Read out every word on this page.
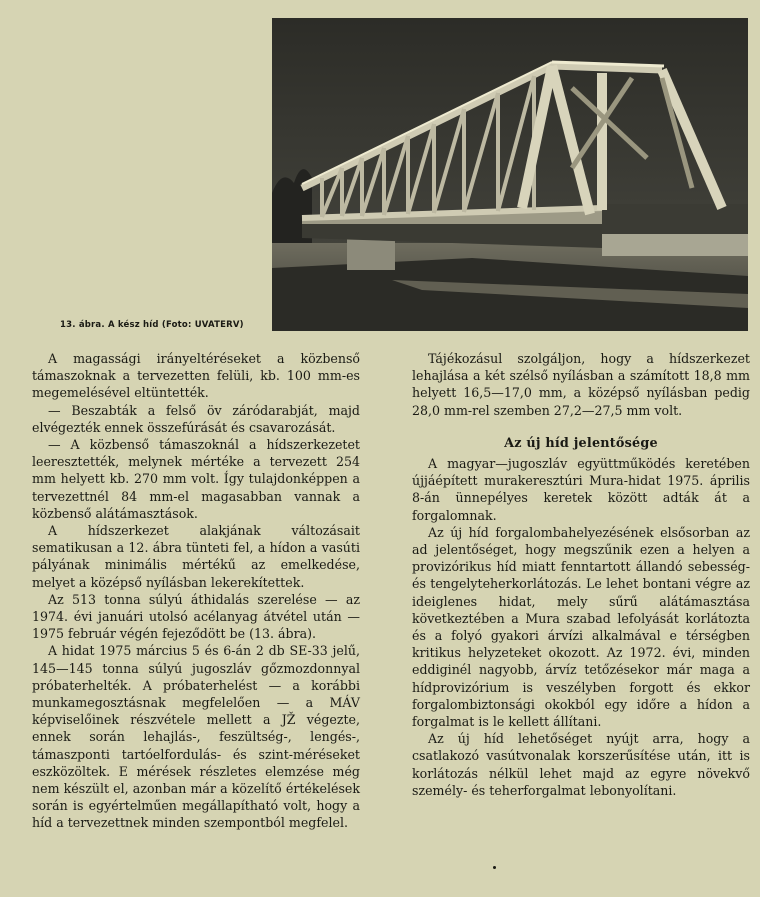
13. ábra. A kész híd (Foto: UVATERV)

A magassági irányeltéréseket a közbenső támaszoknak a tervezetten felüli, kb. 100 mm-es megemelésével eltüntették.

— Beszabták a felső öv záródarabját, majd elvégezték ennek összefúrását és csavarozását.

— A közbenső támaszoknál a hídszerkezetet leeresztették, melynek mértéke a tervezett 254 mm helyett kb. 270 mm volt. Így tulajdonképpen a tervezettnél 84 mm-el magasabban vannak a közbenső alátámasztások.

A hídszerkezet alakjának változásait sematikusan a 12. ábra tünteti fel, a hídon a vasúti pályának minimális mértékű az emelkedése, melyet a középső nyílásban lekerekítettek.

Az 513 tonna súlyú áthidalás szerelése — az 1974. évi januári utolsó acélanyag átvétel után — 1975 február végén fejeződött be (13. ábra).

A hidat 1975 március 5 és 6-án 2 db SE-33 jelű, 145—145 tonna súlyú jugoszláv gőzmozdonnyal próbaterhelték. A próbaterhelést — a korábbi munkamegosztásnak megfelelően — a MÁV képviselőinek részvétele mellett a JŽ végezte, ennek során lehajlás-, feszültség-, lengés-, támaszponti tartóelfordulás- és szint-méréseket eszközöltek. E mérések részletes elemzése még nem készült el, azonban már a közelítő értékelések során is egyértelműen megállapítható volt, hogy a híd a tervezettnek minden szempontból megfelel.

Tájékozásul szolgáljon, hogy a hídszerkezet lehajlása a két szélső nyílásban a számított 18,8 mm helyett 16,5—17,0 mm, a középső nyílásban pedig 28,0 mm-rel szemben 27,2—27,5 mm volt.

Az új híd jelentősége

A magyar—jugoszláv együttműködés keretében újjáépített murakeresztúri Mura-hidat 1975. április 8-án ünnepélyes keretek között adták át a forgalomnak.

Az új híd forgalombahelyezésének elsősorban az ad jelentőséget, hogy megszűnik ezen a helyen a provizórikus híd miatt fenntartott állandó sebesség- és tengelyteherkorlátozás. Le lehet bontani végre az ideiglenes hidat, mely sűrű alátámasztása következtében a Mura szabad lefolyását korlátozta és a folyó gyakori árvízi alkalmával e térségben kritikus helyzeteket okozott. Az 1972. évi, minden eddiginél nagyobb, árvíz tetőzésekor már maga a hídprovizórium is veszélyben forgott és ekkor forgalombiztonsági okokból egy időre a hídon a forgalmat is le kellett állítani.

Az új híd lehetőséget nyújt arra, hogy a csatlakozó vasútvonalak korszerűsítése után, itt is korlátozás nélkül lehet majd az egyre növekvő személy- és teherforgalmat lebonyolítani.
